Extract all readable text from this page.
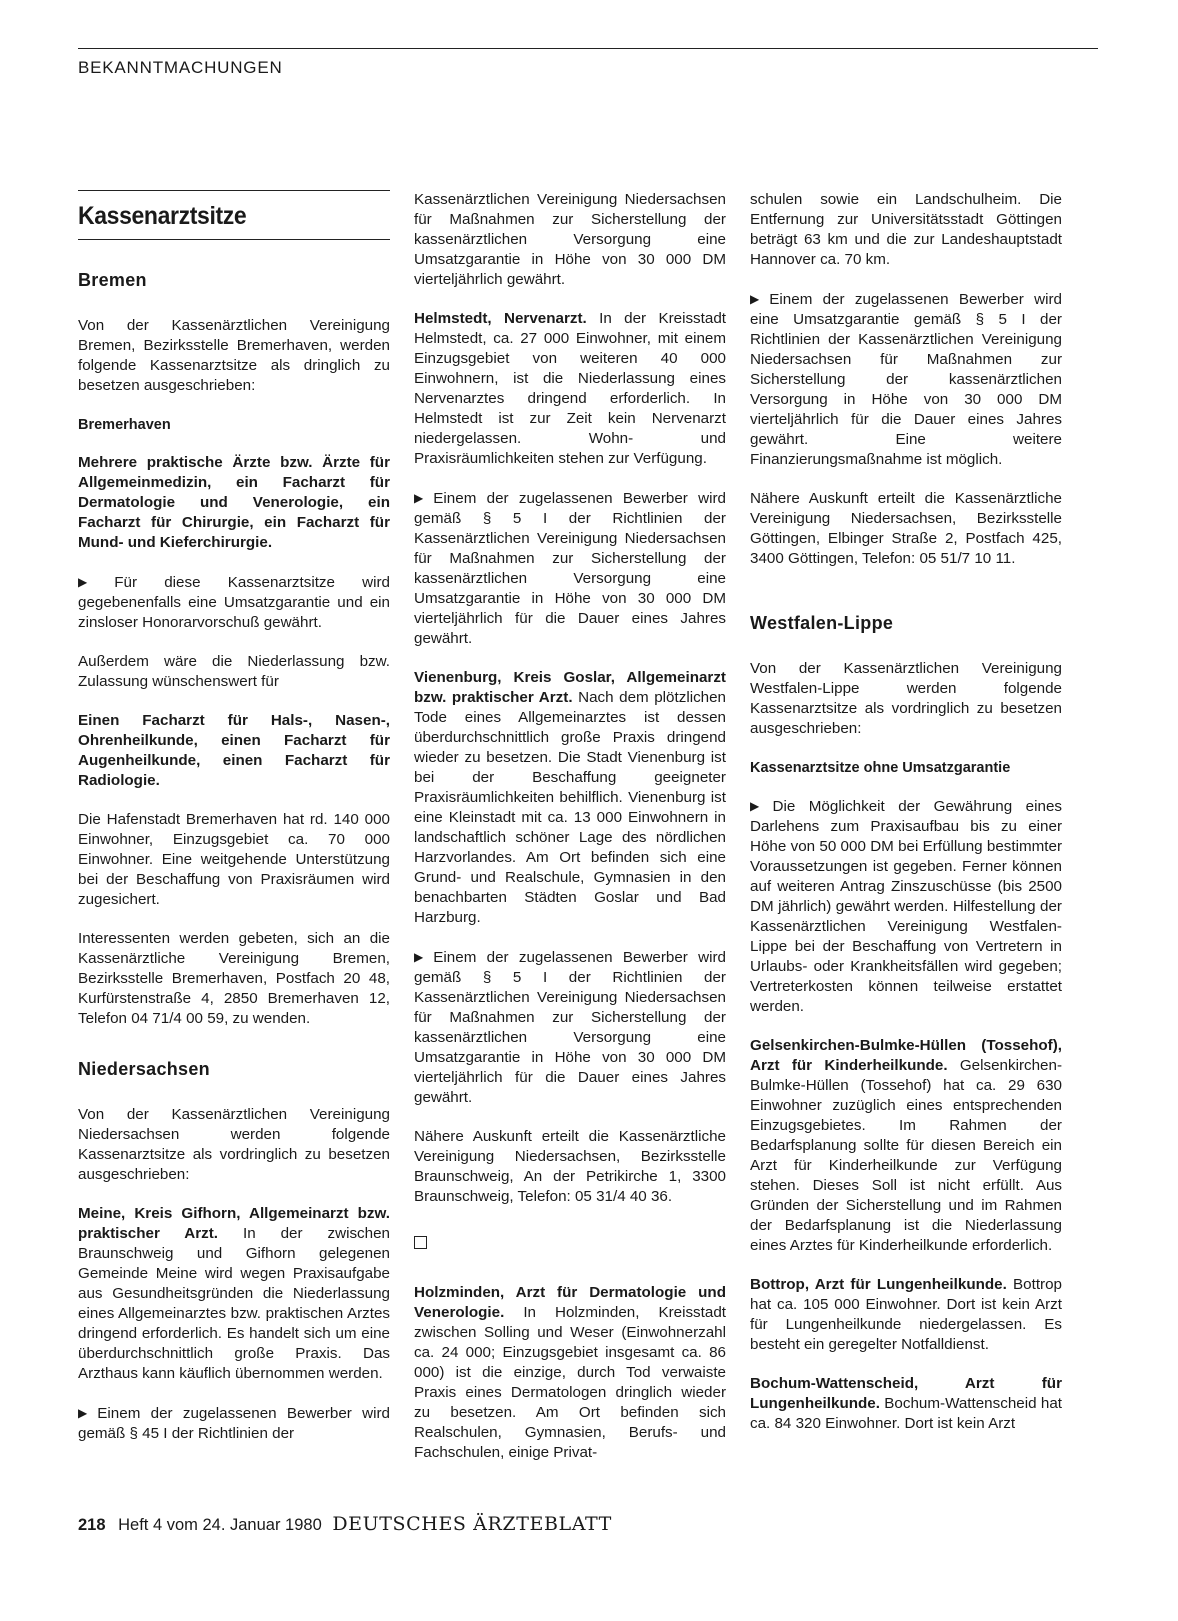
BEKANNTMACHUNGEN
Kassenarztsitze
Bremen

Von der Kassenärztlichen Vereinigung Bremen, Bezirksstelle Bremerhaven, werden folgende Kassenarztsitze als dringlich zu besetzen ausgeschrieben:

Bremerhaven

Mehrere praktische Ärzte bzw. Ärzte für Allgemeinmedizin, ein Facharzt für Dermatologie und Venerologie, ein Facharzt für Chirurgie, ein Facharzt für Mund- und Kieferchirurgie.

▶ Für diese Kassenarztsitze wird gegebenenfalls eine Umsatzgarantie und ein zinsloser Honorarvorschuß gewährt.

Außerdem wäre die Niederlassung bzw. Zulassung wünschenswert für

Einen Facharzt für Hals-, Nasen-, Ohrenheilkunde, einen Facharzt für Augenheilkunde, einen Facharzt für Radiologie.

Die Hafenstadt Bremerhaven hat rd. 140 000 Einwohner, Einzugsgebiet ca. 70 000 Einwohner. Eine weitgehende Unterstützung bei der Beschaffung von Praxisräumen wird zugesichert.

Interessenten werden gebeten, sich an die Kassenärztliche Vereinigung Bremen, Bezirksstelle Bremerhaven, Postfach 20 48, Kurfürstenstraße 4, 2850 Bremerhaven 12, Telefon 04 71/4 00 59, zu wenden.

Niedersachsen

Von der Kassenärztlichen Vereinigung Niedersachsen werden folgende Kassenarztsitze als vordringlich zu besetzen ausgeschrieben:

Meine, Kreis Gifhorn, Allgemeinarzt bzw. praktischer Arzt. In der zwischen Braunschweig und Gifhorn gelegenen Gemeinde Meine wird wegen Praxisaufgabe aus Gesundheitsgründen die Niederlassung eines Allgemeinarztes bzw. praktischen Arztes dringend erforderlich. Es handelt sich um eine überdurchschnittlich große Praxis. Das Arzthaus kann käuflich übernommen werden.

▶ Einem der zugelassenen Bewerber wird gemäß § 45 I der Richtlinien der

Kassenärztlichen Vereinigung Niedersachsen für Maßnahmen zur Sicherstellung der kassenärztlichen Versorgung eine Umsatzgarantie in Höhe von 30 000 DM vierteljährlich gewährt.

Helmstedt, Nervenarzt. In der Kreisstadt Helmstedt, ca. 27 000 Einwohner, mit einem Einzugsgebiet von weiteren 40 000 Einwohnern, ist die Niederlassung eines Nervenarztes dringend erforderlich. In Helmstedt ist zur Zeit kein Nervenarzt niedergelassen. Wohn- und Praxisräumlichkeiten stehen zur Verfügung.

▶ Einem der zugelassenen Bewerber wird gemäß § 5 I der Richtlinien der Kassenärztlichen Vereinigung Niedersachsen für Maßnahmen zur Sicherstellung der kassenärztlichen Versorgung eine Umsatzgarantie in Höhe von 30 000 DM vierteljährlich für die Dauer eines Jahres gewährt.

Vienenburg, Kreis Goslar, Allgemeinarzt bzw. praktischer Arzt. Nach dem plötzlichen Tode eines Allgemeinarztes ist dessen überdurchschnittlich große Praxis dringend wieder zu besetzen. Die Stadt Vienenburg ist bei der Beschaffung geeigneter Praxisräumlichkeiten behilflich. Vienenburg ist eine Kleinstadt mit ca. 13 000 Einwohnern in landschaftlich schöner Lage des nördlichen Harzvorlandes. Am Ort befinden sich eine Grund- und Realschule, Gymnasien in den benachbarten Städten Goslar und Bad Harzburg.

▶ Einem der zugelassenen Bewerber wird gemäß § 5 I der Richtlinien der Kassenärztlichen Vereinigung Niedersachsen für Maßnahmen zur Sicherstellung der kassenärztlichen Versorgung eine Umsatzgarantie in Höhe von 30 000 DM vierteljährlich für die Dauer eines Jahres gewährt.

Nähere Auskunft erteilt die Kassenärztliche Vereinigung Niedersachsen, Bezirksstelle Braunschweig, An der Petrikirche 1, 3300 Braunschweig, Telefon: 05 31/4 40 36.

Holzminden, Arzt für Dermatologie und Venerologie. In Holzminden, Kreisstadt zwischen Solling und Weser (Einwohnerzahl ca. 24 000; Einzugsgebiet insgesamt ca. 86 000) ist die einzige, durch Tod verwaiste Praxis eines Dermatologen dringlich wieder zu besetzen. Am Ort befinden sich Realschulen, Gymnasien, Berufs- und Fachschulen, einige Privat-

schulen sowie ein Landschulheim. Die Entfernung zur Universitätsstadt Göttingen beträgt 63 km und die zur Landeshauptstadt Hannover ca. 70 km.

▶ Einem der zugelassenen Bewerber wird eine Umsatzgarantie gemäß § 5 I der Richtlinien der Kassenärztlichen Vereinigung Niedersachsen für Maßnahmen zur Sicherstellung der kassenärztlichen Versorgung in Höhe von 30 000 DM vierteljährlich für die Dauer eines Jahres gewährt. Eine weitere Finanzierungsmaßnahme ist möglich.

Nähere Auskunft erteilt die Kassenärztliche Vereinigung Niedersachsen, Bezirksstelle Göttingen, Elbinger Straße 2, Postfach 425, 3400 Göttingen, Telefon: 05 51/7 10 11.

Westfalen-Lippe

Von der Kassenärztlichen Vereinigung Westfalen-Lippe werden folgende Kassenarztsitze als vordringlich zu besetzen ausgeschrieben:

Kassenarztsitze ohne Umsatzgarantie

▶ Die Möglichkeit der Gewährung eines Darlehens zum Praxisaufbau bis zu einer Höhe von 50 000 DM bei Erfüllung bestimmter Voraussetzungen ist gegeben. Ferner können auf weiteren Antrag Zinszuschüsse (bis 2500 DM jährlich) gewährt werden. Hilfestellung der Kassenärztlichen Vereinigung Westfalen-Lippe bei der Beschaffung von Vertretern in Urlaubs- oder Krankheitsfällen wird gegeben; Vertreterkosten können teilweise erstattet werden.

Gelsenkirchen-Bulmke-Hüllen (Tossehof), Arzt für Kinderheilkunde. Gelsenkirchen-Bulmke-Hüllen (Tossehof) hat ca. 29 630 Einwohner zuzüglich eines entsprechenden Einzugsgebietes. Im Rahmen der Bedarfsplanung sollte für diesen Bereich ein Arzt für Kinderheilkunde zur Verfügung stehen. Dieses Soll ist nicht erfüllt. Aus Gründen der Sicherstellung und im Rahmen der Bedarfsplanung ist die Niederlassung eines Arztes für Kinderheilkunde erforderlich.

Bottrop, Arzt für Lungenheilkunde. Bottrop hat ca. 105 000 Einwohner. Dort ist kein Arzt für Lungenheilkunde niedergelassen. Es besteht ein geregelter Notfalldienst.

Bochum-Wattenscheid, Arzt für Lungenheilkunde. Bochum-Wattenscheid hat ca. 84 320 Einwohner. Dort ist kein Arzt

218 Heft 4 vom 24. Januar 1980 DEUTSCHES ÄRZTEBLATT
